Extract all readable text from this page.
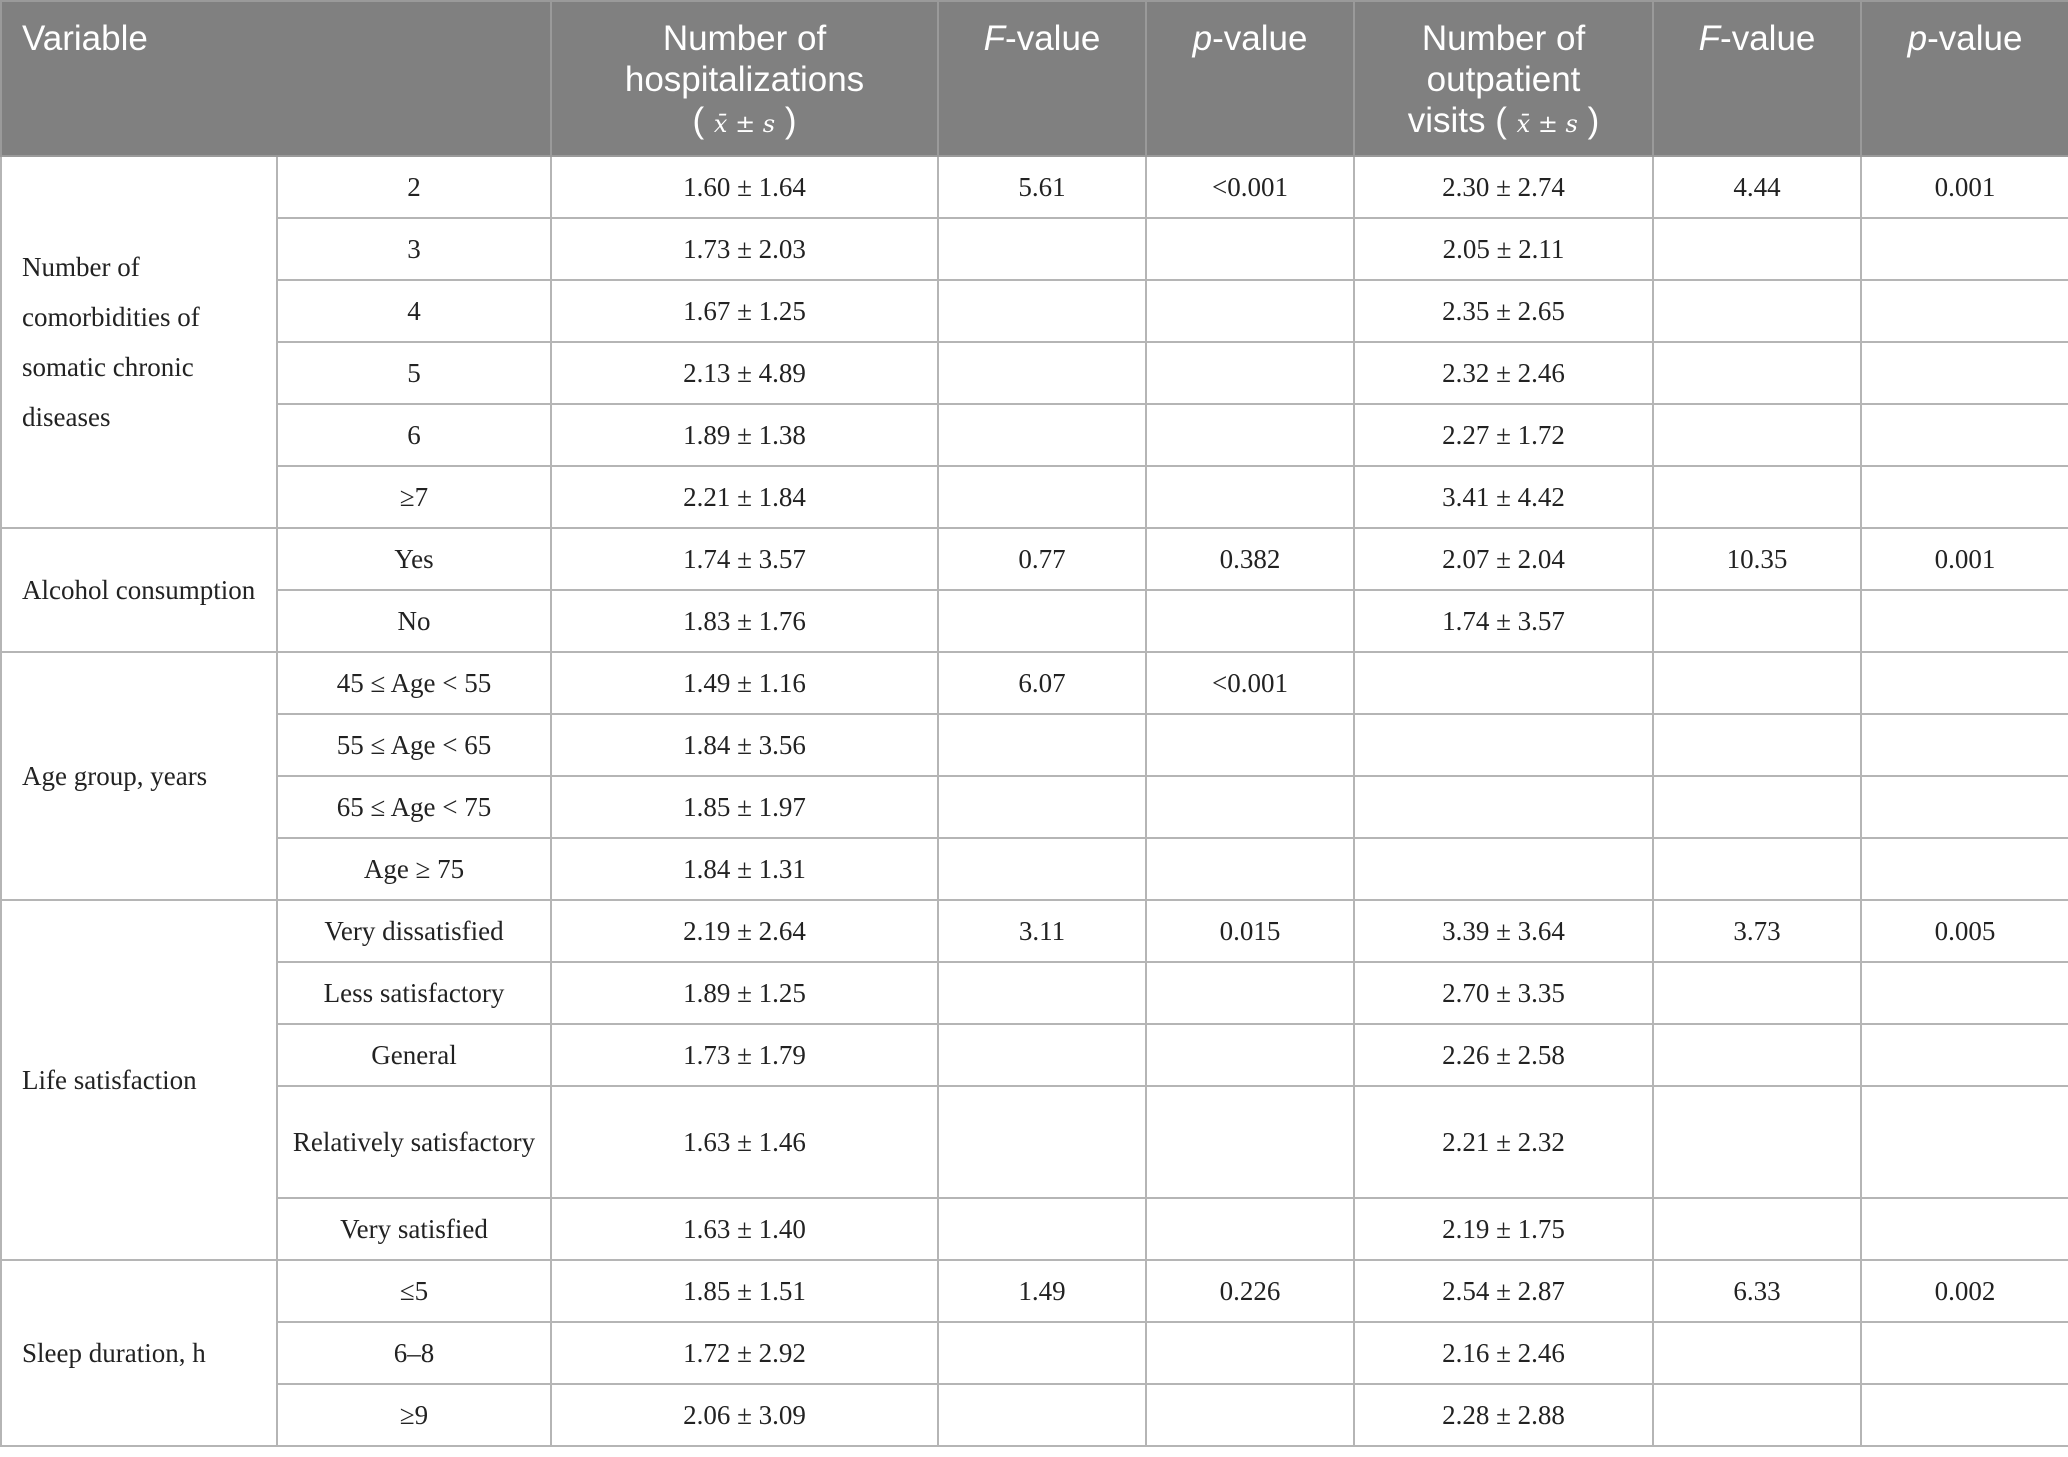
Variable		Number of
hospitalizations
( x̄ ± s )	F-value	p-value	Number of
outpatient
visits ( x̄ ± s )	F-value	p-value
Number of comorbidities of somatic chronic diseases	2	1.60 ± 1.64	5.61	<0.001	2.30 ± 2.74	4.44	0.001
	3	1.73 ± 2.03			2.05 ± 2.11		
	4	1.67 ± 1.25			2.35 ± 2.65		
	5	2.13 ± 4.89			2.32 ± 2.46		
	6	1.89 ± 1.38			2.27 ± 1.72		
	≥7	2.21 ± 1.84			3.41 ± 4.42		
Alcohol consumption	Yes	1.74 ± 3.57	0.77	0.382	2.07 ± 2.04	10.35	0.001
	No	1.83 ± 1.76			1.74 ± 3.57		
Age group, years	45 ≤ Age < 55	1.49 ± 1.16	6.07	<0.001			
	55 ≤ Age < 65	1.84 ± 3.56					
	65 ≤ Age < 75	1.85 ± 1.97					
	Age ≥ 75	1.84 ± 1.31					
Life satisfaction	Very dissatisfied	2.19 ± 2.64	3.11	0.015	3.39 ± 3.64	3.73	0.005
	Less satisfactory	1.89 ± 1.25			2.70 ± 3.35		
	General	1.73 ± 1.79			2.26 ± 2.58		
	Relatively satisfactory	1.63 ± 1.46			2.21 ± 2.32		
	Very satisfied	1.63 ± 1.40			2.19 ± 1.75		
Sleep duration, h	≤5	1.85 ± 1.51	1.49	0.226	2.54 ± 2.87	6.33	0.002
	6–8	1.72 ± 2.92			2.16 ± 2.46		
	≥9	2.06 ± 3.09			2.28 ± 2.88		
